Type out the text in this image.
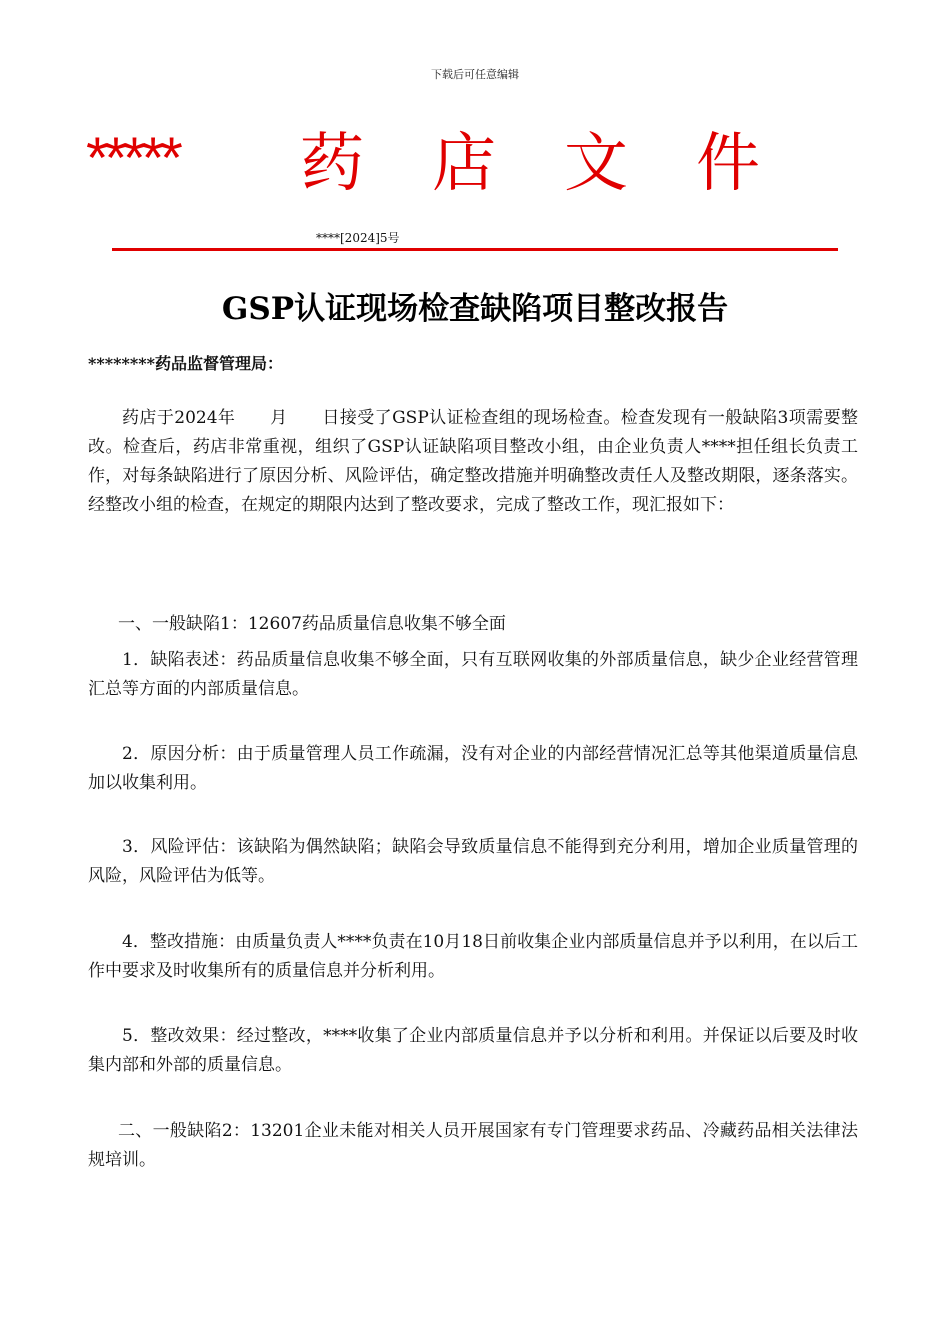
下载后可任意编辑
***** 药 店 文 件
****[2024]5号
GSP认证现场检查缺陷项目整改报告
********药品监督管理局：

药店于2024年　　月　　日接受了GSP认证检查组的现场检查。检查发现有一般缺陷3项需要整改。检查后，药店非常重视，组织了GSP认证缺陷项目整改小组，由企业负责人****担任组长负责工作，对每条缺陷进行了原因分析、风险评估，确定整改措施并明确整改责任人及整改期限，逐条落实。经整改小组的检查，在规定的期限内达到了整改要求，完成了整改工作，现汇报如下：

一、一般缺陷1：12607药品质量信息收集不够全面

1．缺陷表述：药品质量信息收集不够全面，只有互联网收集的外部质量信息，缺少企业经营管理汇总等方面的内部质量信息。

2．原因分析：由于质量管理人员工作疏漏，没有对企业的内部经营情况汇总等其他渠道质量信息加以收集利用。

3．风险评估：该缺陷为偶然缺陷；缺陷会导致质量信息不能得到充分利用，增加企业质量管理的风险，风险评估为低等。

4．整改措施：由质量负责人****负责在10月18日前收集企业内部质量信息并予以利用，在以后工作中要求及时收集所有的质量信息并分析利用。

5．整改效果：经过整改，****收集了企业内部质量信息并予以分析和利用。并保证以后要及时收集内部和外部的质量信息。

二、一般缺陷2：13201企业未能对相关人员开展国家有专门管理要求药品、冷藏药品相关法律法规培训。
